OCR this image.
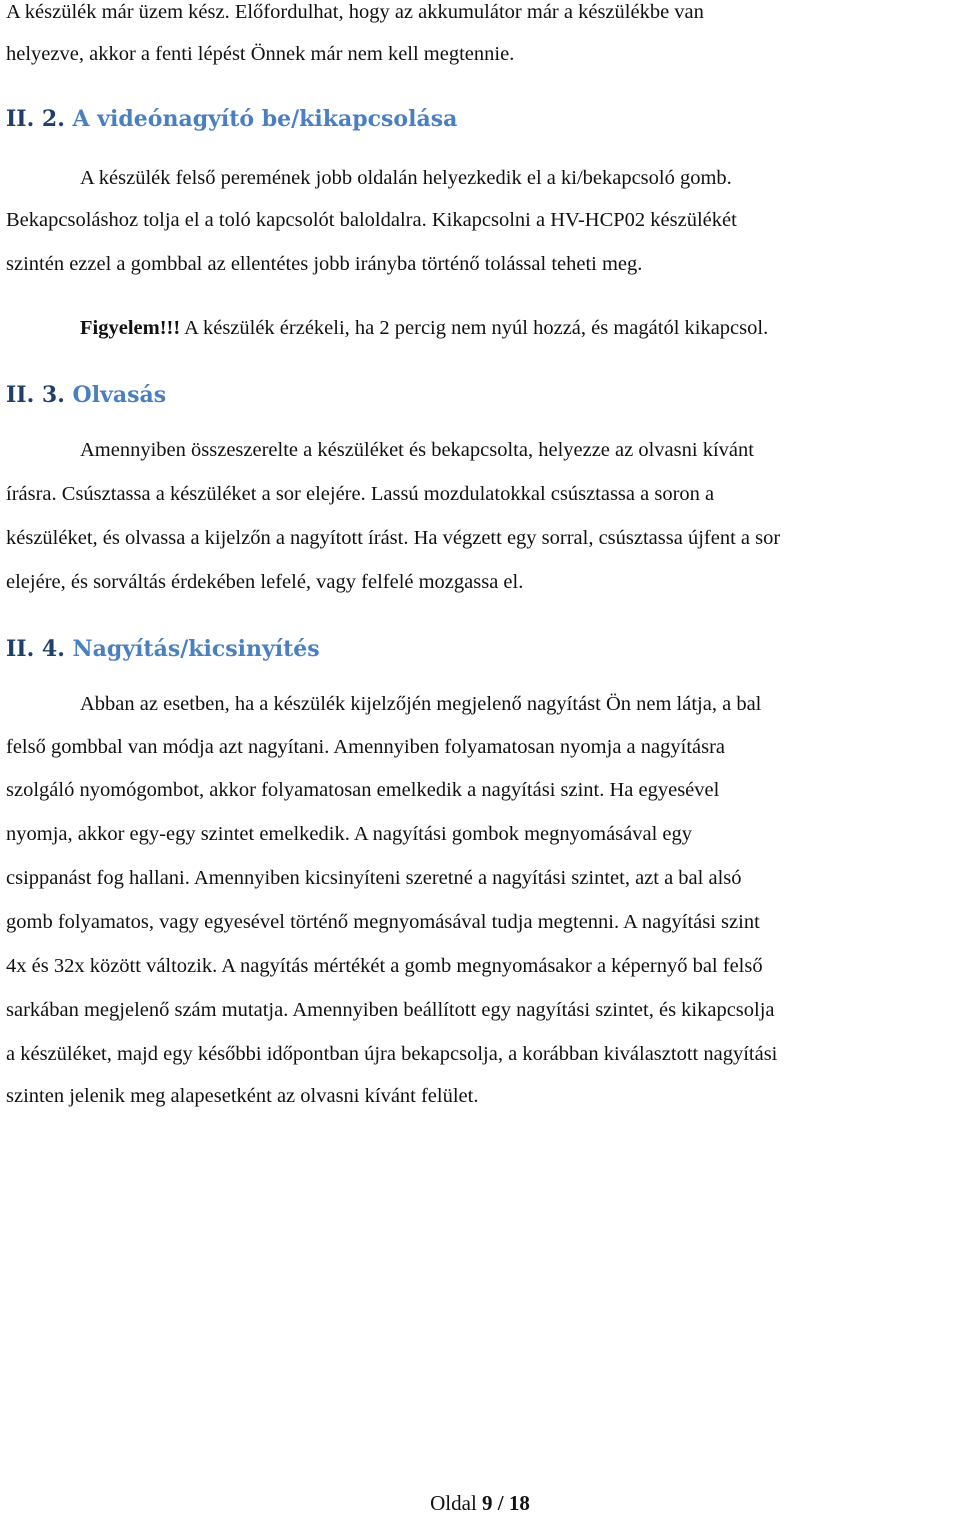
A készülék már üzem kész. Előfordulhat, hogy az akkumulátor már a készülékbe van
helyezve, akkor a fenti lépést Önnek már nem kell megtennie.
II. 2. A videónagyító be/kikapcsolása
A készülék felső peremének jobb oldalán helyezkedik el a ki/bekapcsoló gomb.
Bekapcsoláshoz tolja el a toló kapcsolót baloldalra. Kikapcsolni a HV-HCP02 készülékét
szintén ezzel a gombbal az ellentétes jobb irányba történő tolással teheti meg.
Figyelem!!! A készülék érzékeli, ha 2 percig nem nyúl hozzá, és magától kikapcsol.
II. 3. Olvasás
Amennyiben összeszerelte a készüléket és bekapcsolta, helyezze az olvasni kívánt
írásra. Csúsztassa a készüléket a sor elejére. Lassú mozdulatokkal csúsztassa a soron a
készüléket, és olvassa a kijelzőn a nagyított írást. Ha végzett egy sorral, csúsztassa újfent a sor
elejére, és sorváltás érdekében lefelé, vagy felfelé mozgassa el.
II. 4. Nagyítás/kicsinyítés
Abban az esetben, ha a készülék kijelzőjén megjelenő nagyítást Ön nem látja, a bal
felső gombbal van módja azt nagyítani. Amennyiben folyamatosan nyomja a nagyításra
szolgáló nyomógombot, akkor folyamatosan emelkedik a nagyítási szint. Ha egyesével
nyomja, akkor egy-egy szintet emelkedik. A nagyítási gombok megnyomásával egy
csippanást fog hallani. Amennyiben kicsinyíteni szeretné a nagyítási szintet, azt a bal alsó
gomb folyamatos, vagy egyesével történő megnyomásával tudja megtenni. A nagyítási szint
4x és 32x között változik. A nagyítás mértékét a gomb megnyomásakor a képernyő bal felső
sarkában megjelenő szám mutatja. Amennyiben beállított egy nagyítási szintet, és kikapcsolja
a készüléket, majd egy későbbi időpontban újra bekapcsolja, a korábban kiválasztott nagyítási
szinten jelenik meg alapesetként az olvasni kívánt felület.
Oldal 9 / 18
